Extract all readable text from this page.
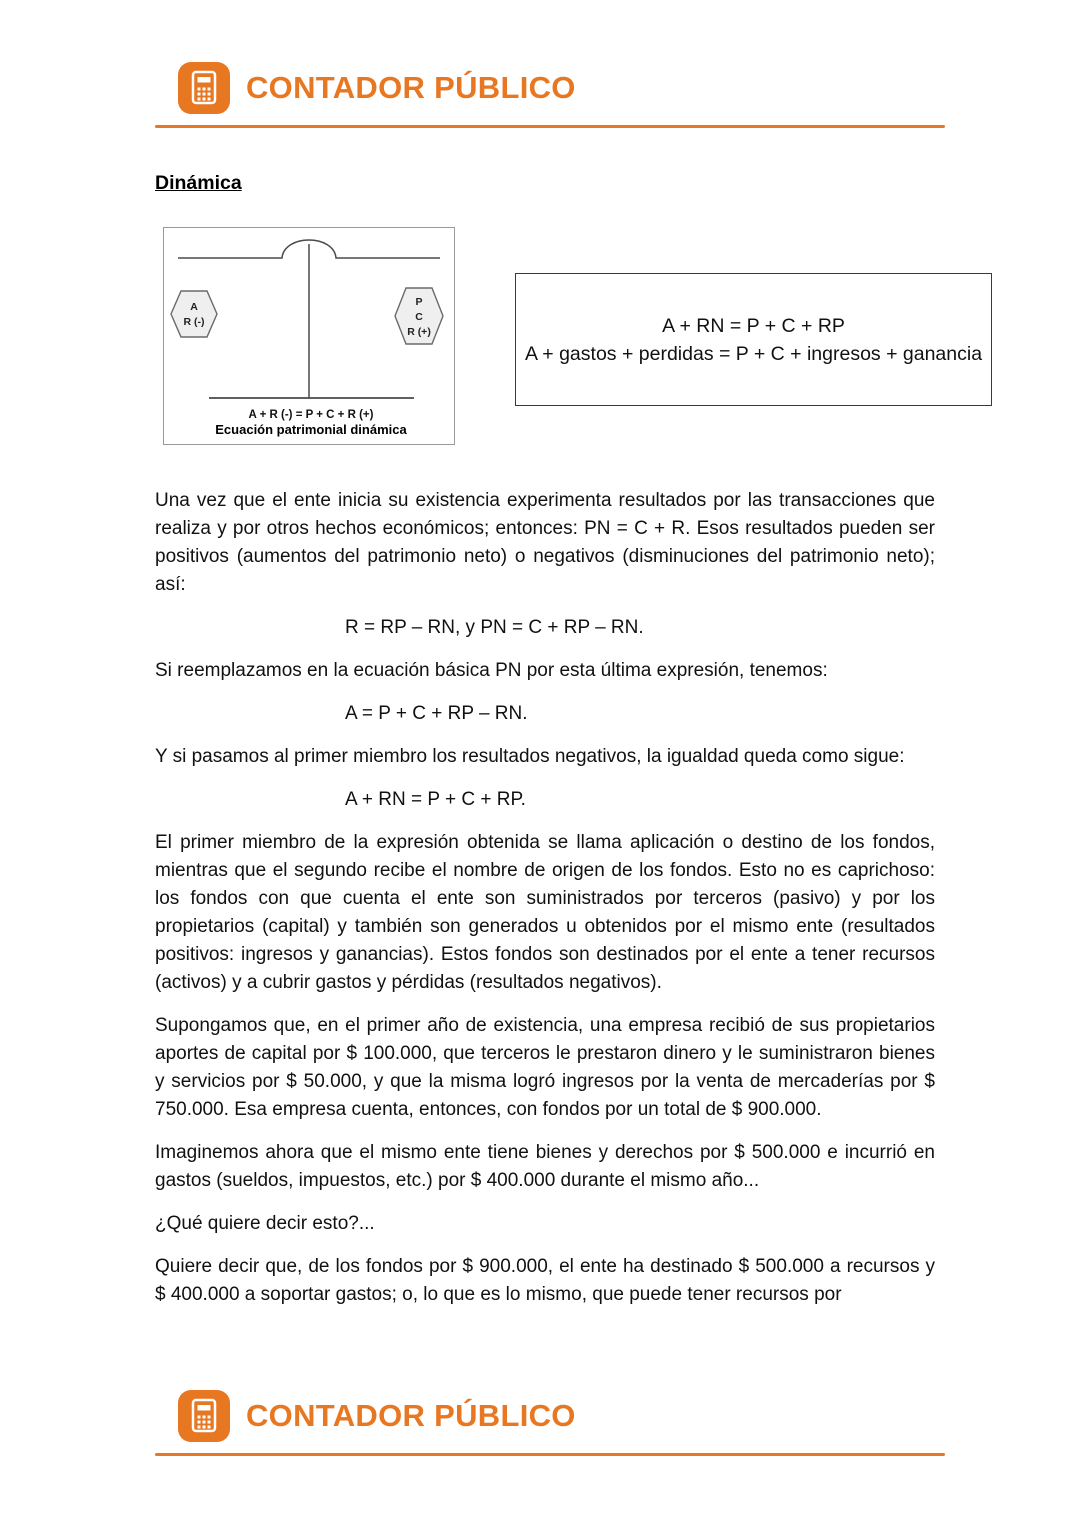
CONTADOR PÚBLICO
Dinámica
A
R (-)
P
C
R (+)
A + R (-) = P + C + R (+)
Ecuación patrimonial dinámica
A + RN = P + C + RP
A + gastos + perdidas = P + C + ingresos + ganancia

Una vez que el ente inicia su existencia experimenta resultados por las transacciones que realiza y por otros hechos económicos; entonces: PN = C + R. Esos resultados pueden ser positivos (aumentos del patrimonio neto) o negativos (disminuciones del patrimonio neto); así:

R = RP – RN, y PN = C + RP – RN.

Si reemplazamos en la ecuación básica PN por esta última expresión, tenemos:

A = P + C + RP – RN.

Y si pasamos al primer miembro los resultados negativos, la igualdad queda como sigue:

A + RN = P + C + RP.

El primer miembro de la expresión obtenida se llama aplicación o destino de los fondos, mientras que el segundo recibe el nombre de origen de los fondos. Esto no es caprichoso: los fondos con que cuenta el ente son suministrados por terceros (pasivo) y por los propietarios (capital) y también son generados u obtenidos por el mismo ente (resultados positivos: ingresos y ganancias). Estos fondos son destinados por el ente a tener recursos (activos) y a cubrir gastos y pérdidas (resultados negativos).

Supongamos que, en el primer año de existencia, una empresa recibió de sus propietarios aportes de capital por $ 100.000, que terceros le prestaron dinero y le suministraron bienes y servicios por $ 50.000, y que la misma logró ingresos por la venta de mercaderías por $ 750.000. Esa empresa cuenta, entonces, con fondos por un total de $ 900.000.

Imaginemos ahora que el mismo ente tiene bienes y derechos por $ 500.000 e incurrió en gastos (sueldos, impuestos, etc.) por $ 400.000 durante el mismo año...

¿Qué quiere decir esto?...

Quiere decir que, de los fondos por $ 900.000, el ente ha destinado $ 500.000 a recursos y $ 400.000 a soportar gastos; o, lo que es lo mismo, que puede tener recursos por

CONTADOR PÚBLICO
